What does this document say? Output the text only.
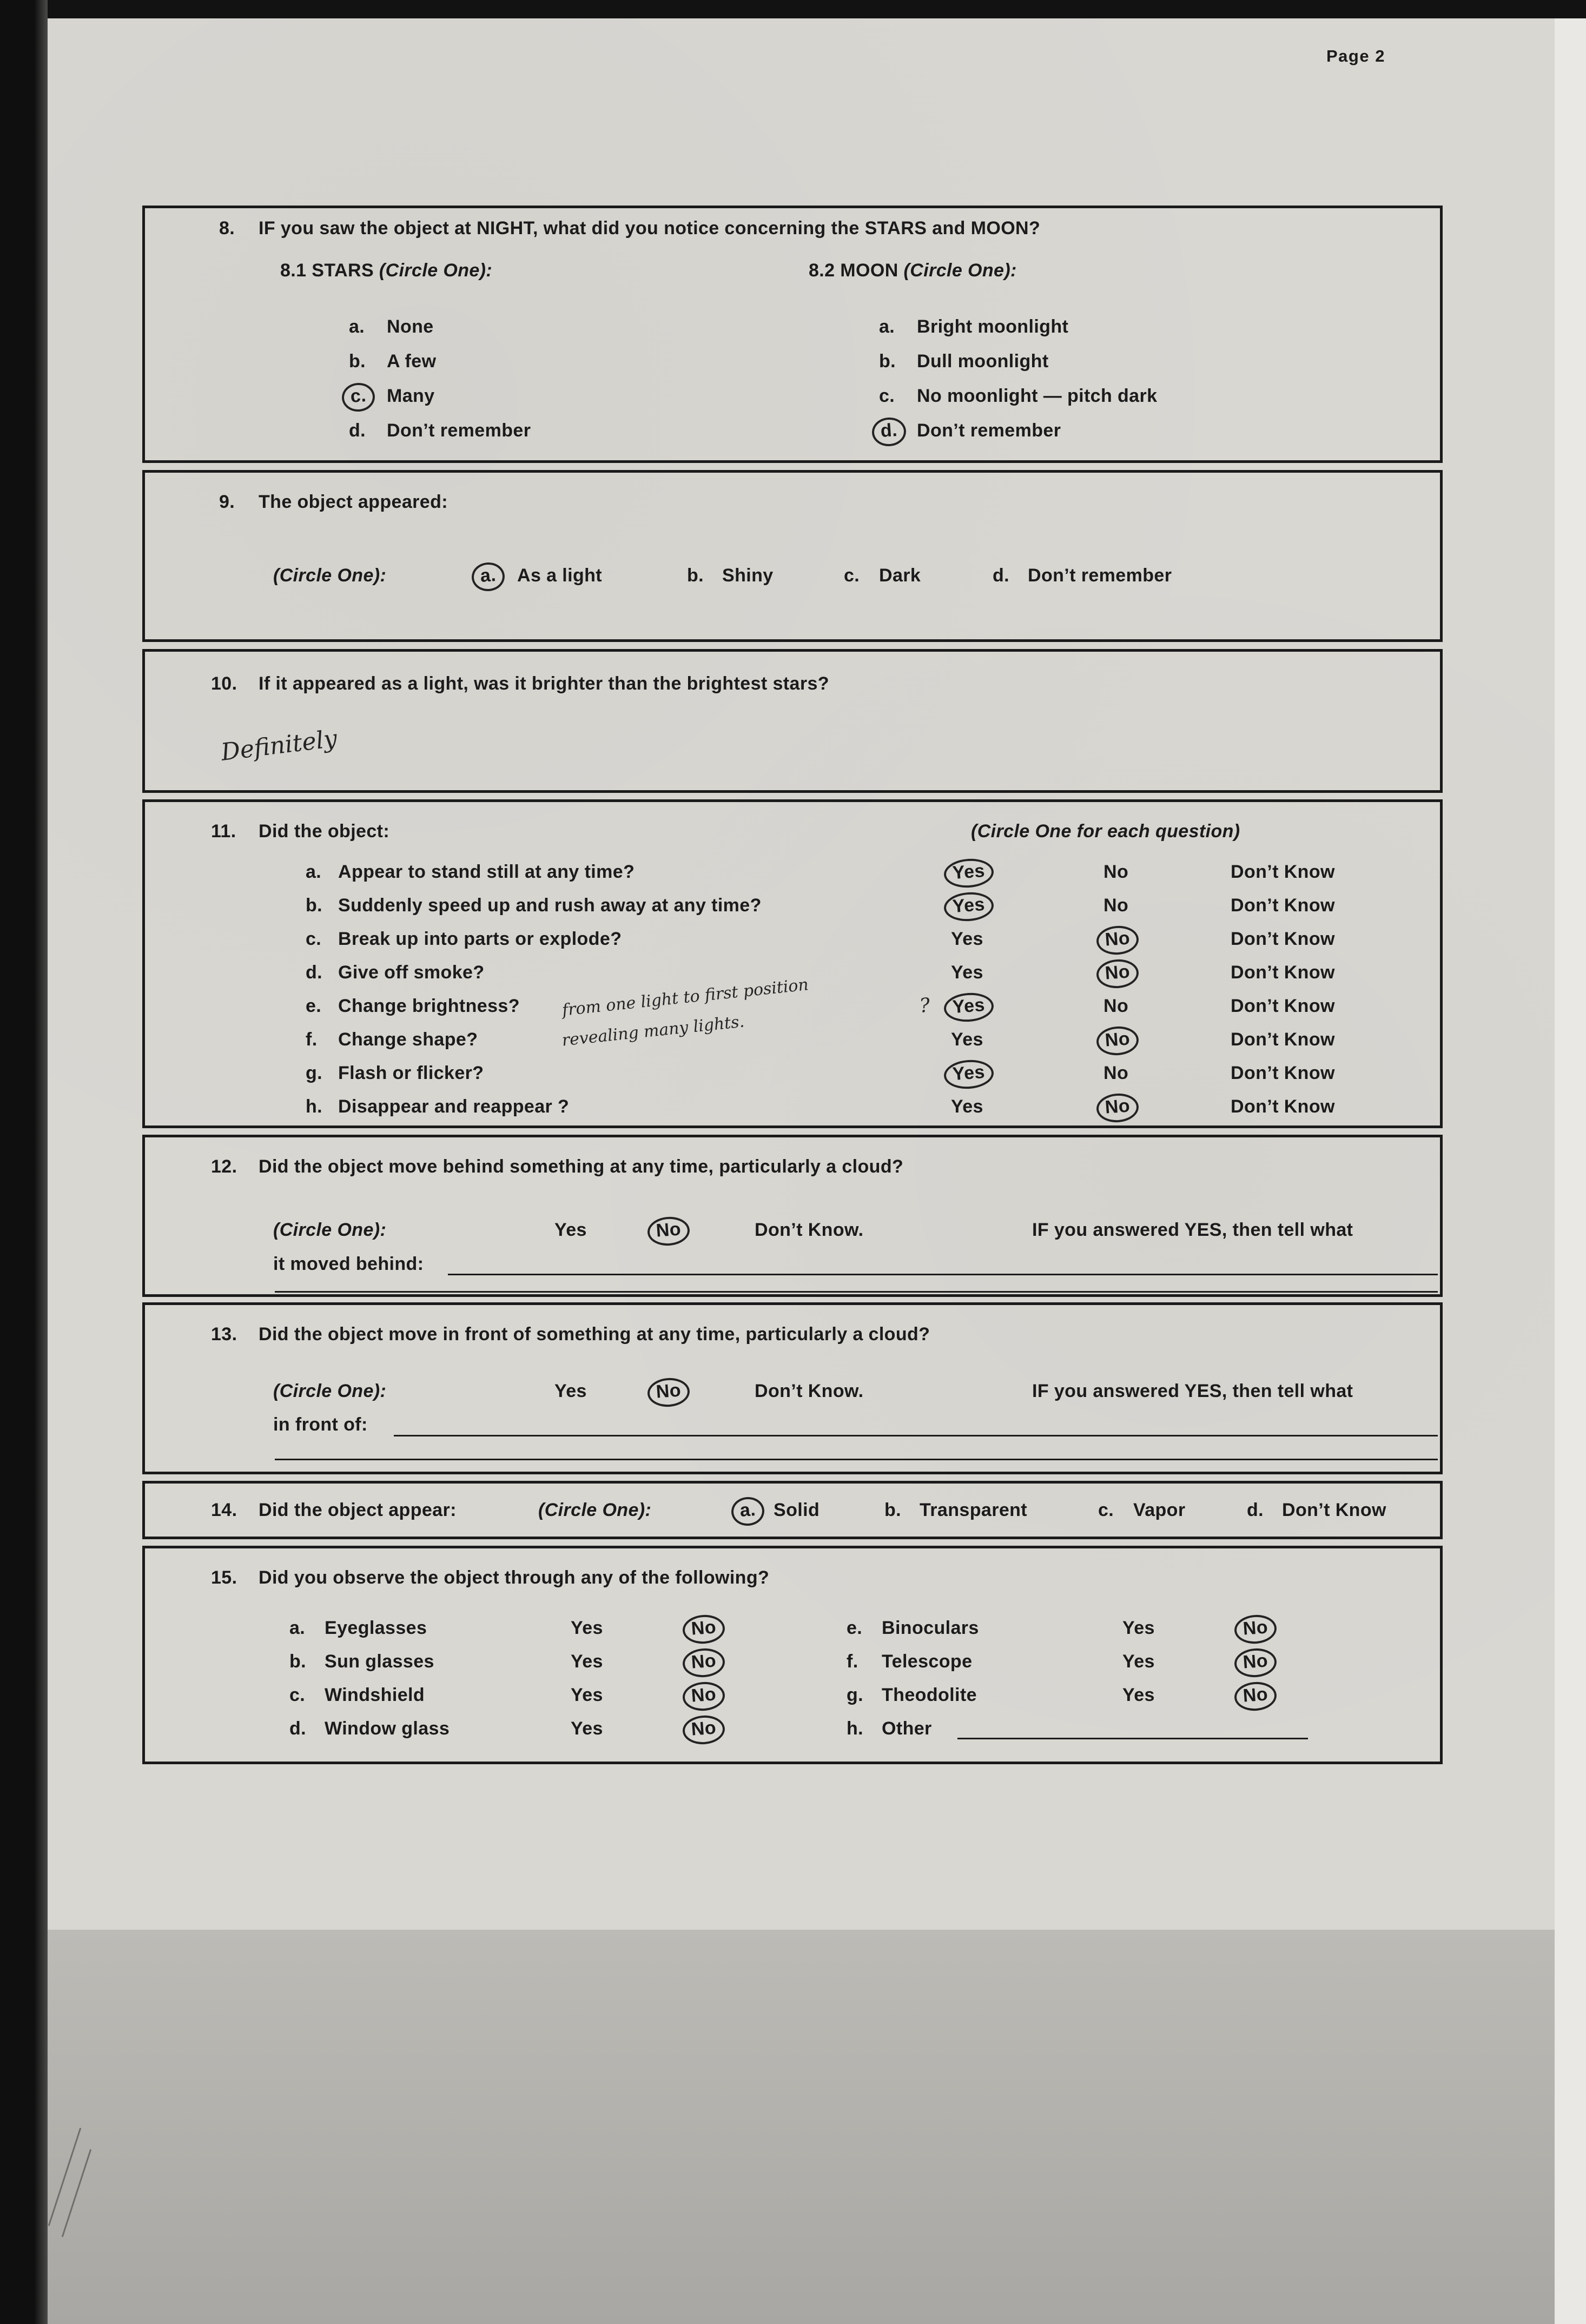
Page 2
8. IF you saw the object at NIGHT, what did you notice concerning the STARS and MOON?
8.1 STARS (Circle One):	8.2 MOON (Circle One):
a. None
b. A few
c.	Many
d. Don’t remember
a. Bright moonlight
b. Dull moonlight
c. No moonlight — pitch dark
d.	Don’t remember
9. The object appeared:
(Circle One):	a.	As a light	b. Shiny	c. Dark	d. Don’t remember
10. If it appeared as a light, was it brighter than the brightest stars?
Definitely
11. Did the object:	(Circle One for each question)
a. Appear to stand still at any time?	Yes	No	Don’t Know
b. Suddenly speed up and rush away at any time?	Yes	No	Don’t Know
c. Break up into parts or explode?	Yes	No	Don’t Know
d. Give off smoke?	Yes	No	Don’t Know
e. Change brightness?	Yes	No	Don’t Know
f. Change shape?	Yes	No	Don’t Know
g. Flash or flicker?	Yes	No	Don’t Know
h. Disappear and reappear ?	Yes	No	Don’t Know
from one light to first position
revealing many lights.
?
12. Did the object move behind something at any time, particularly a cloud?
(Circle One):	Yes	No	Don’t Know.	IF you answered YES, then tell what
it moved behind:
13. Did the object move in front of something at any time, particularly a cloud?
(Circle One):	Yes	No	Don’t Know.	IF you answered YES, then tell what
in front of:
14. Did the object appear:	(Circle One):	a. Solid	b. Transparent	c. Vapor	d. Don’t Know
15. Did you observe the object through any of the following?
a. Eyeglasses	Yes	No
b. Sun glasses	Yes	No
c. Windshield	Yes	No
d. Window glass	Yes	No
e. Binoculars	Yes	No
f. Telescope	Yes	No
g. Theodolite	Yes	No
h. Other
